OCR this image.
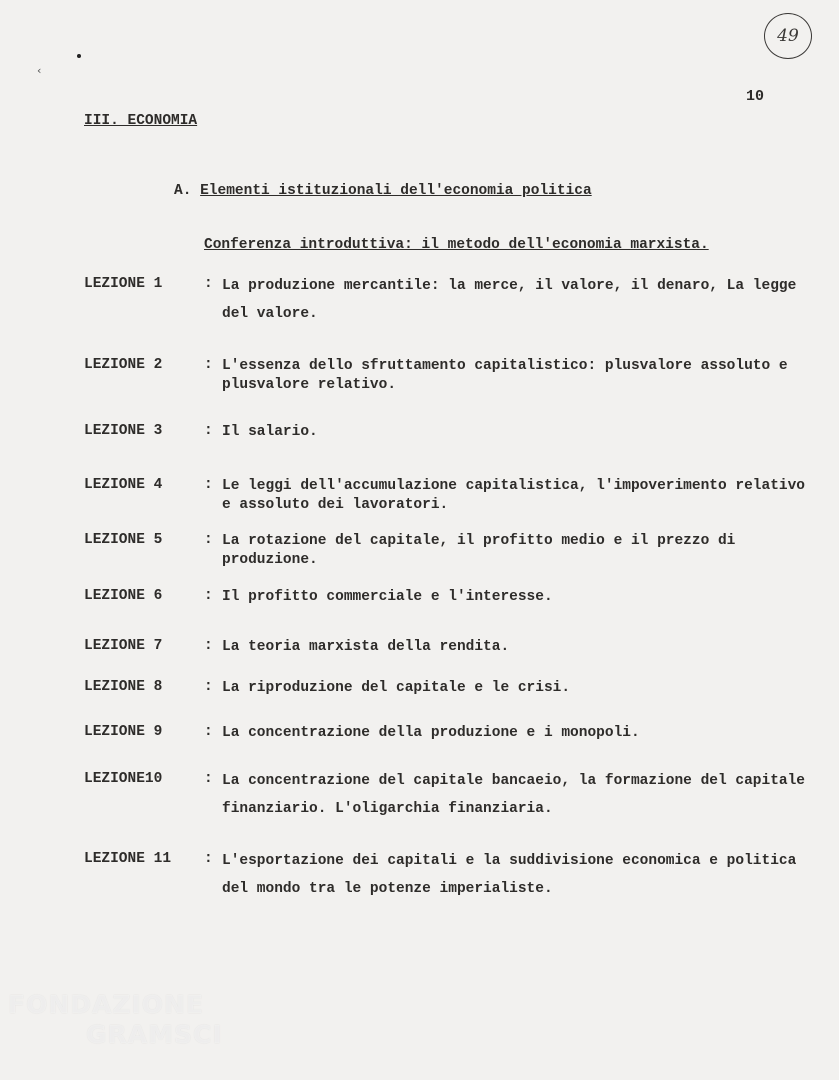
‹
49
10
III. ECONOMIA
A. Elementi istituzionali dell'economia politica
Conferenza introduttiva: il metodo dell'economia marxista.
LEZIONE 1	: La produzione mercantile: la merce, il valore, il denaro, La legge del valore.
LEZIONE 2	: L'essenza dello sfruttamento capitalistico: plusvalore assoluto e plusvalore relativo.
LEZIONE 3	: Il salario.
LEZIONE 4	: Le leggi dell'accumulazione capitalistica, l'impoverimento relativo e assoluto dei lavoratori.
LEZIONE 5	: La rotazione del capitale, il profitto medio e il prezzo di produzione.
LEZIONE 6	: Il profitto commerciale e l'interesse.
LEZIONE 7	: La teoria marxista della rendita.
LEZIONE 8	: La riproduzione del capitale e le crisi.
LEZIONE 9	: La concentrazione della produzione e i monopoli.
LEZIONE10	: La concentrazione del capitale bancaeio, la formazione del capitale finanziario. L'oligarchia finanziaria.
LEZIONE 11 : L'esportazione dei capitali e la suddivisione economica e politica del mondo tra le potenze imperialiste.
FONDAZIONE
GRAMSCI
